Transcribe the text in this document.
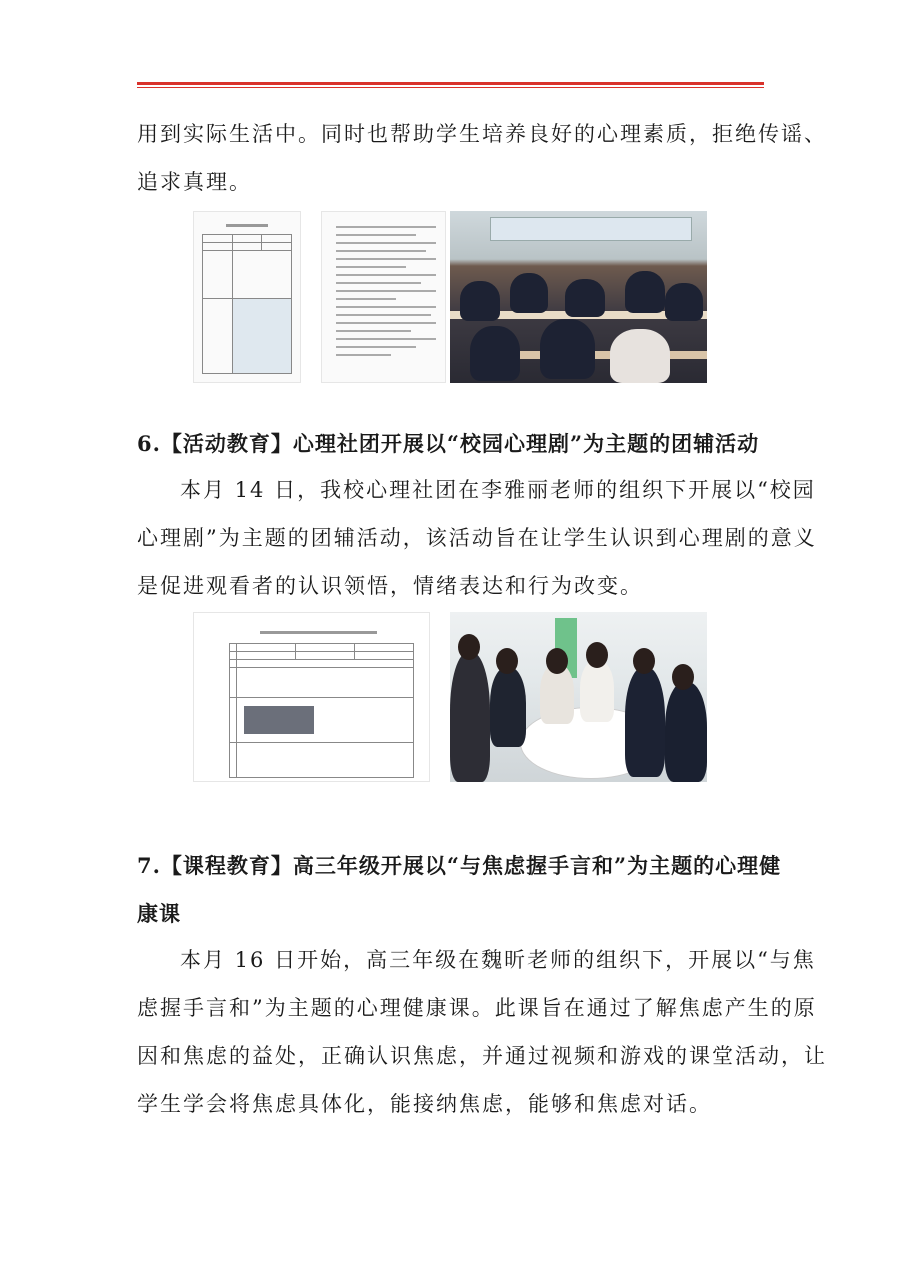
用到实际生活中。同时也帮助学生培养良好的心理素质，拒绝传谣、
追求真理。

6.【活动教育】心理社团开展以“校园心理剧”为主题的团辅活动
本月 14 日，我校心理社团在李雅丽老师的组织下开展以“校园
心理剧”为主题的团辅活动，该活动旨在让学生认识到心理剧的意义
是促进观看者的认识领悟，情绪表达和行为改变。

7.【课程教育】高三年级开展以“与焦虑握手言和”为主题的心理健
康课
本月 16 日开始，高三年级在魏昕老师的组织下，开展以“与焦
虑握手言和”为主题的心理健康课。此课旨在通过了解焦虑产生的原
因和焦虑的益处，正确认识焦虑，并通过视频和游戏的课堂活动，让
学生学会将焦虑具体化，能接纳焦虑，能够和焦虑对话。
